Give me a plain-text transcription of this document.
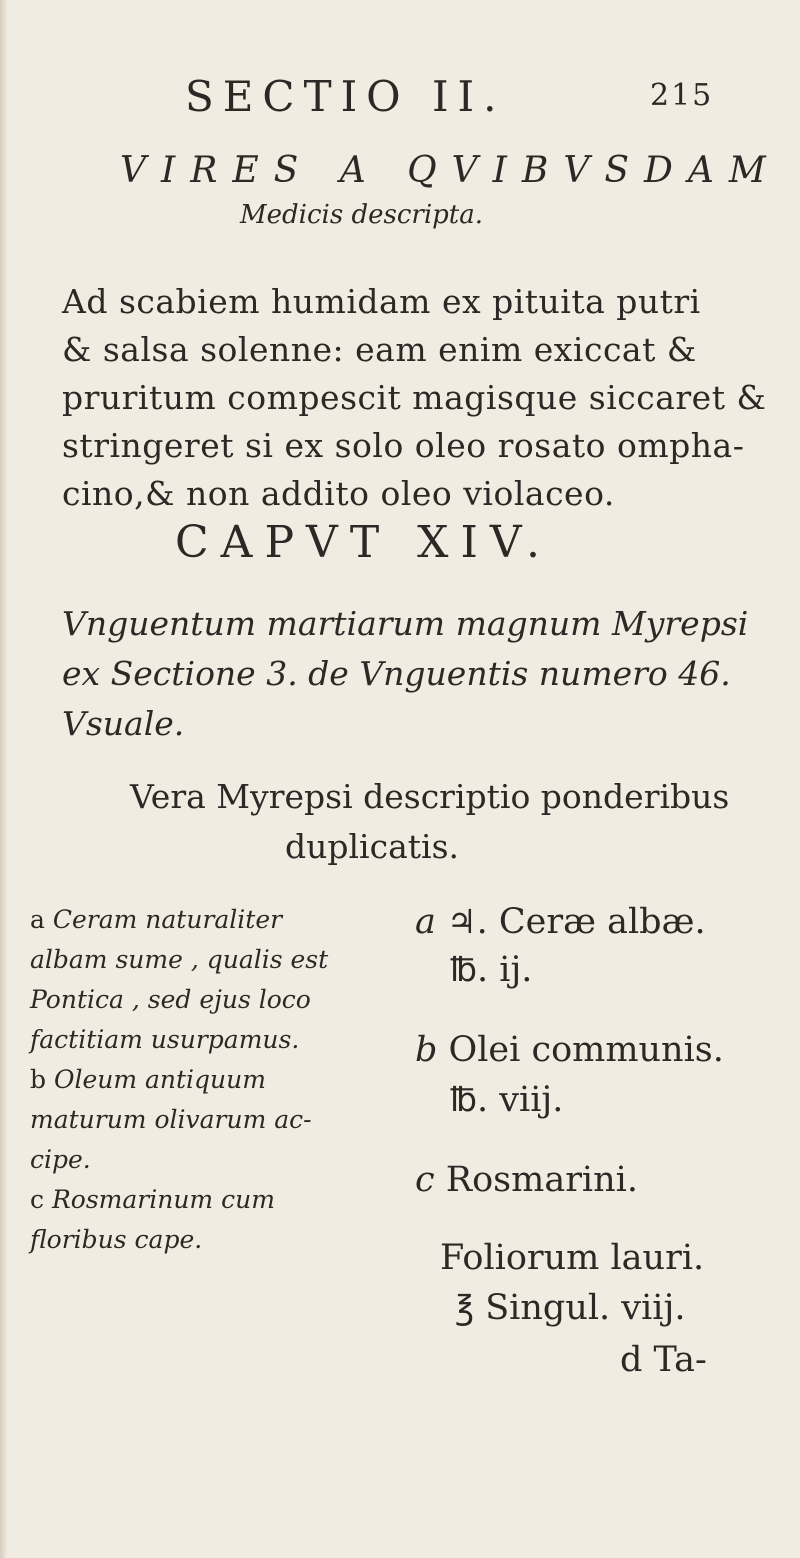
SECTIO II.	215
VIRES A QVIBVSDAM
Medicis descripta.
Ad scabiem humidam ex pituita putri
& salsa solenne: eam enim exiccat &
pruritum compescit magisque siccaret &
stringeret si ex solo oleo rosato ompha-
cino,& non addito oleo violaceo.
CAPVT XIV.
Vnguentum martiarum magnum Myrepsi
ex Sectione 3. de Vnguentis numero 46.
Vsuale.
Vera Myrepsi descriptio ponderibus
duplicatis.
a Ceram naturaliter
albam sume , qualis est
Pontica , sed ejus loco
factitiam usurpamus.
b Oleum antiquum
maturum olivarum ac-
cipe.
c Rosmarinum cum
floribus cape.
a ♃. Ceræ albæ.
℔. ij.
b Olei communis.
℔. viij.
c Rosmarini.
Foliorum lauri.
℥ Singul. viij.
d Ta-
